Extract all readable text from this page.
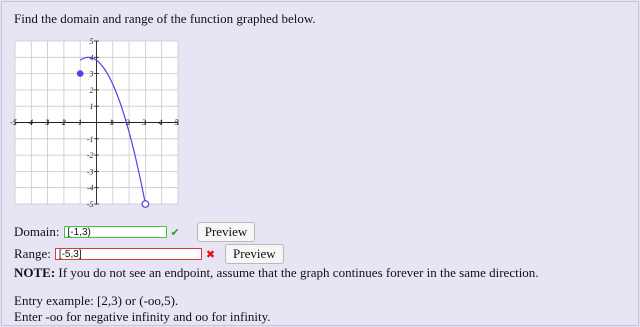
Find the domain and range of the function graphed below.
-5 -4 -3 -2 -1	1 2 3 4 5
5
4
3
2
1
-1
-2
-3
-4
-5
Domain: [-1,3)	✔	Preview
Range: [-5,3]	✖	Preview
NOTE: If you do not see an endpoint, assume that the graph continues forever in the same direction.
Entry example: [2,3) or (-oo,5).
Enter -oo for negative infinity and oo for infinity.
